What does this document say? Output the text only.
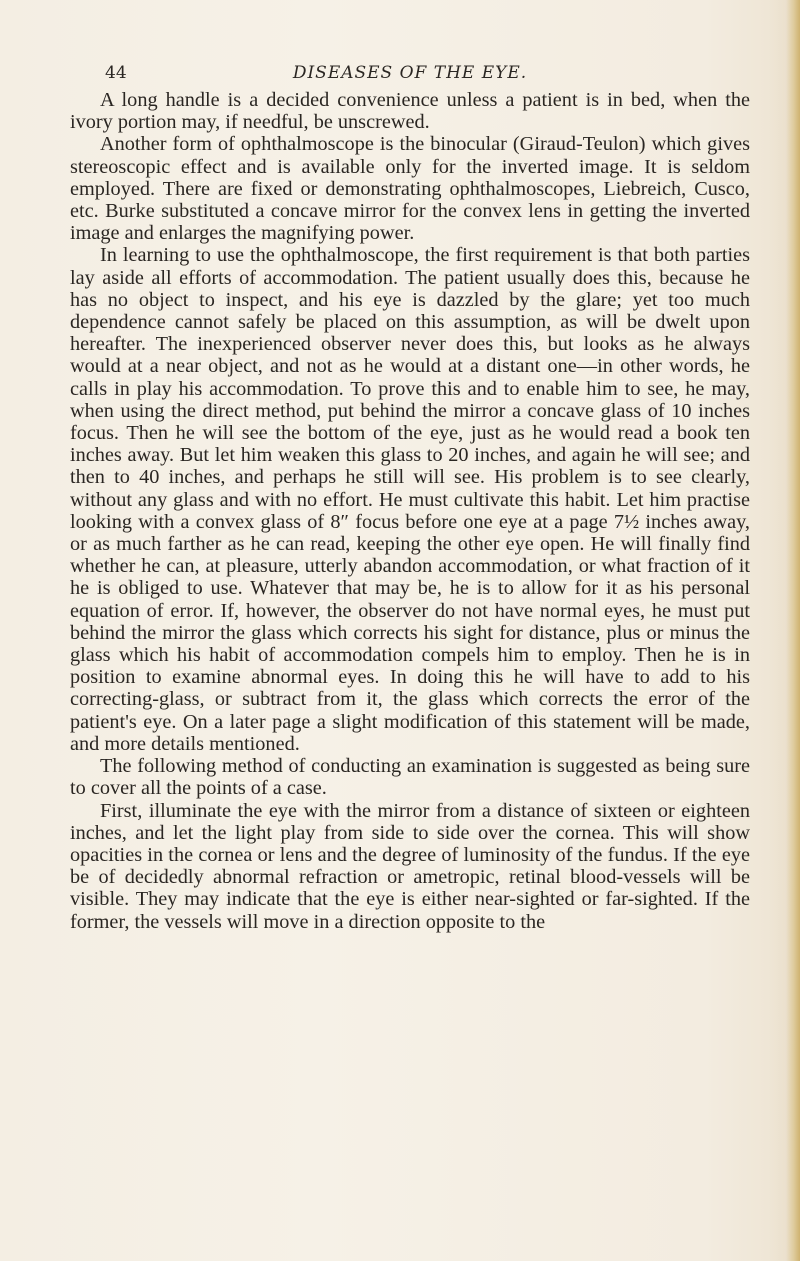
44	DISEASES OF THE EYE.

A long handle is a decided convenience unless a patient is in bed, when the ivory portion may, if needful, be unscrewed.

Another form of ophthalmoscope is the binocular (Giraud-Teulon) which gives stereoscopic effect and is available only for the inverted image. It is seldom employed. There are fixed or demonstrating ophthalmoscopes, Liebreich, Cusco, etc. Burke substituted a concave mirror for the convex lens in getting the inverted image and enlarges the magnifying power.

In learning to use the ophthalmoscope, the first requirement is that both parties lay aside all efforts of accommodation. The patient usually does this, because he has no object to inspect, and his eye is dazzled by the glare; yet too much dependence cannot safely be placed on this assumption, as will be dwelt upon hereafter. The inexperienced observer never does this, but looks as he always would at a near object, and not as he would at a distant one—in other words, he calls in play his accommodation. To prove this and to enable him to see, he may, when using the direct method, put behind the mirror a concave glass of 10 inches focus. Then he will see the bottom of the eye, just as he would read a book ten inches away. But let him weaken this glass to 20 inches, and again he will see; and then to 40 inches, and perhaps he still will see. His problem is to see clearly, without any glass and with no effort. He must cultivate this habit. Let him practise looking with a convex glass of 8″ focus before one eye at a page 7½ inches away, or as much farther as he can read, keeping the other eye open. He will finally find whether he can, at pleasure, utterly abandon accommodation, or what fraction of it he is obliged to use. Whatever that may be, he is to allow for it as his personal equation of error. If, however, the observer do not have normal eyes, he must put behind the mirror the glass which corrects his sight for distance, plus or minus the glass which his habit of accommodation compels him to employ. Then he is in position to examine abnormal eyes. In doing this he will have to add to his correcting-glass, or subtract from it, the glass which corrects the error of the patient's eye. On a later page a slight modification of this statement will be made, and more details mentioned.

The following method of conducting an examination is suggested as being sure to cover all the points of a case.

First, illuminate the eye with the mirror from a distance of sixteen or eighteen inches, and let the light play from side to side over the cornea. This will show opacities in the cornea or lens and the degree of luminosity of the fundus. If the eye be of decidedly abnormal refraction or ametropic, retinal blood-vessels will be visible. They may indicate that the eye is either near-sighted or far-sighted. If the former, the vessels will move in a direction opposite to the
